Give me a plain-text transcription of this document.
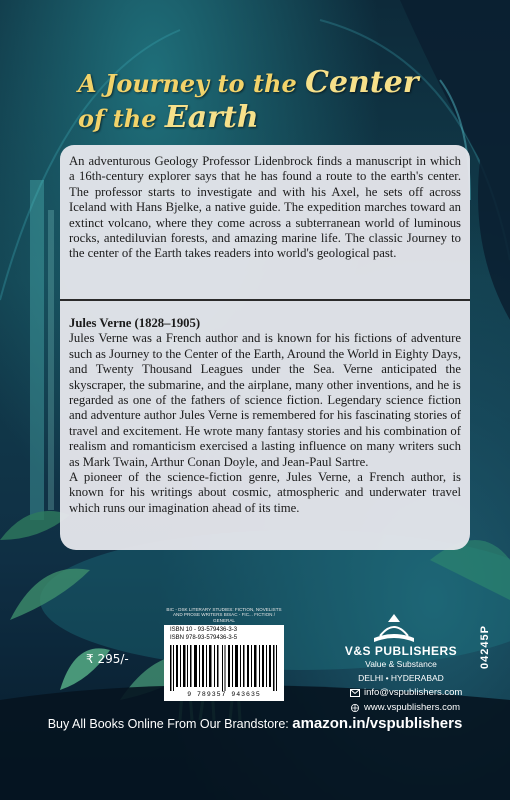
A Journey to the Center
of the Earth

An adventurous Geology Professor Lidenbrock finds a manuscript in which a 16th-century explorer says that he has found a route to the earth's center. The professor starts to investigate and with his Axel, he sets off across Iceland with Hans Bjelke, a native guide. The expedition marches toward an extinct volcano, where they come across a subterranean world of luminous rocks, antediluvian forests, and amazing marine life. The classic Journey to the center of the Earth takes readers into world's geological past.

Jules Verne (1828–1905)

Jules Verne was a French author and is known for his fictions of adventure such as Journey to the Center of the Earth, Around the World in Eighty Days, and Twenty Thousand Leagues under the Sea. Verne anticipated the skyscraper, the submarine, and the airplane, many other inventions, and he is regarded as one of the fathers of science fiction. Legendary science fiction and adventure author Jules Verne is remembered for his fascinating stories of travel and excitement. He wrote many fantasy stories and his combination of realism and romanticism exercised a lasting influence on many writers such as Mark Twain, Arthur Conan Doyle, and Jean-Paul Sartre.

A pioneer of the science-fiction genre, Jules Verne, a French author, is known for his writings about cosmic, atmospheric and underwater travel which runs our imagination ahead of its time.

₹ 295/-
BIC - DSK LITERARY STUDIES: FICTION, NOVELISTS AND PROSE WRITERS BISAC - FIC... FICTION / GENERAL
ISBN 10 - 93-579436-3-3
ISBN 978-93-579436-3-5
9 789357 943635
V&S PUBLISHERS
Value & Substance
DELHI • HYDERABAD
info@vspublishers.com
www.vspublishers.com
04245P
Buy All Books Online From Our Brandstore: amazon.in/vspublishers
